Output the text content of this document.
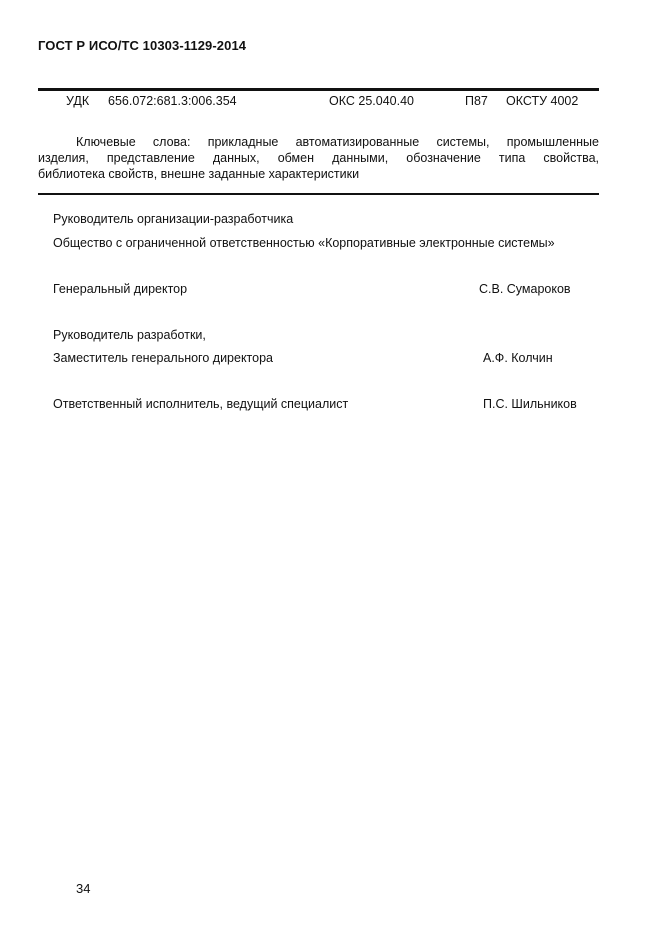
ГОСТ Р ИСО/ТС 10303-1129-2014
УДК 656.072:681.3:006.354	ОКС 25.040.40	П87 ОКСТУ 4002
Ключевые слова: прикладные автоматизированные системы, промышленные
изделия, представление данных, обмен данными, обозначение типа свойства,
библиотека свойств, внешне заданные характеристики
Руководитель организации-разработчика
Общество с ограниченной ответственностью «Корпоративные электронные системы»
Генеральный директор	С.В. Сумароков
Руководитель разработки,
Заместитель генерального директора	А.Ф. Колчин
Ответственный исполнитель, ведущий специалист	П.С. Шильников
34
